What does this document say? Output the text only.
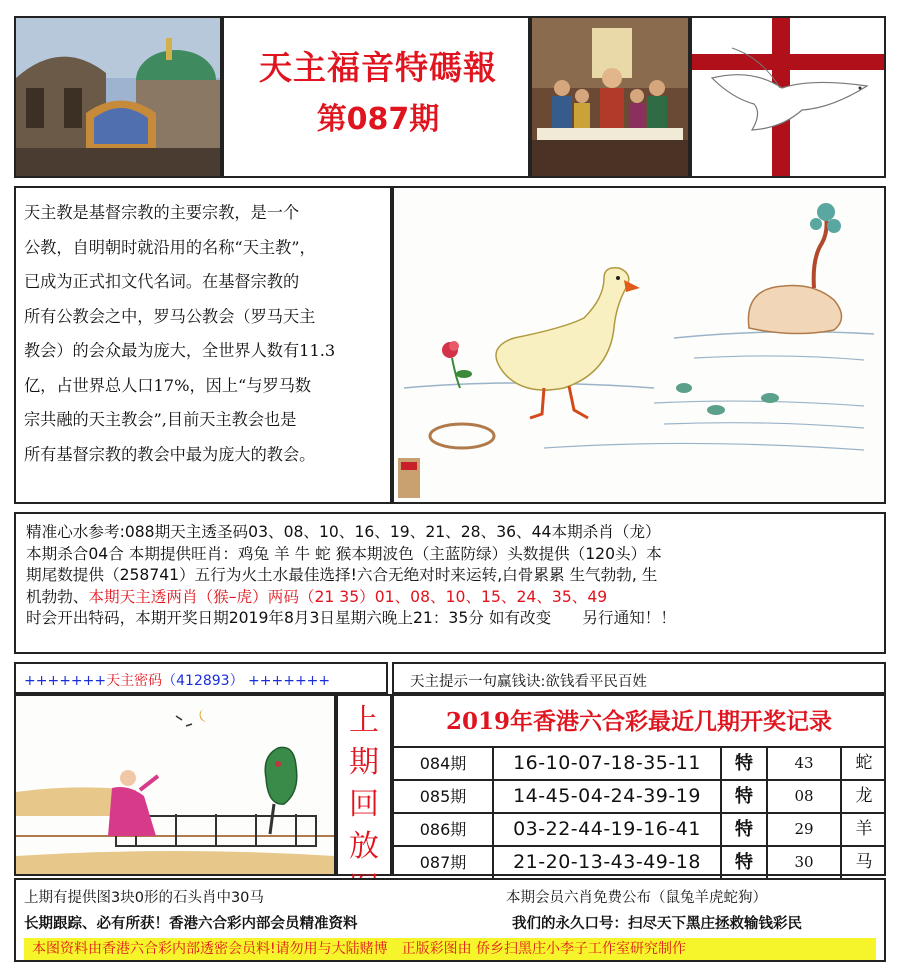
天主福音特碼報
第087期

天主教是基督宗教的主要宗教，是一个

公教，自明朝时就沿用的名称“天主教”，

已成为正式扣文代名词。在基督宗教的

所有公教会之中，罗马公教会（罗马天主

教会）的会众最为庞大，全世界人数有11.3

亿，占世界总人口17%，因上“与罗马数

宗共融的天主教会”,目前天主教会也是

所有基督宗教的教会中最为庞大的教会。

精准心水参考:088期天主透圣码03、08、10、16、19、21、28、36、44本期杀肖（龙）

本期杀合04合 本期提供旺肖：鸡兔 羊 牛 蛇 猴本期波色（主蓝防绿）头数提供（120头）本

期尾数提供（258741）五行为火土水最佳选择!六合无绝对时来运转,白骨累累 生气勃勃, 生

机勃勃、本期天主透两肖（猴–虎）两码（21 35）01、08、10、15、24、35、49

时会开出特码，本期开奖日期2019年8月3日星期六晚上21：35分 如有改变　　另行通知！！

+++++++天主密码（412893） +++++++	天主提示一句赢钱诀:欲钱看平民百姓
上
期
回
放
2019年香港六合彩最近几期开奖记录
084期	16-10-07-18-35-11	特	43	蛇
085期	14-45-04-24-39-19	特	08	龙
086期	03-22-44-19-16-41	特	29	羊
087期	21-20-13-43-49-18	特	30	马
上期有提供图3块0形的石头肖中30马	本期会员六肖免费公布（鼠兔羊虎蛇狗）
长期跟踪、必有所获！香港六合彩内部会员精准资料	我们的永久口号：扫尽天下黑庄拯救输钱彩民
本图资料由香港六合彩内部透密会员料!请勿用与大陆赌博　正版彩图由 侨乡扫黑庄小李子工作室研究制作
